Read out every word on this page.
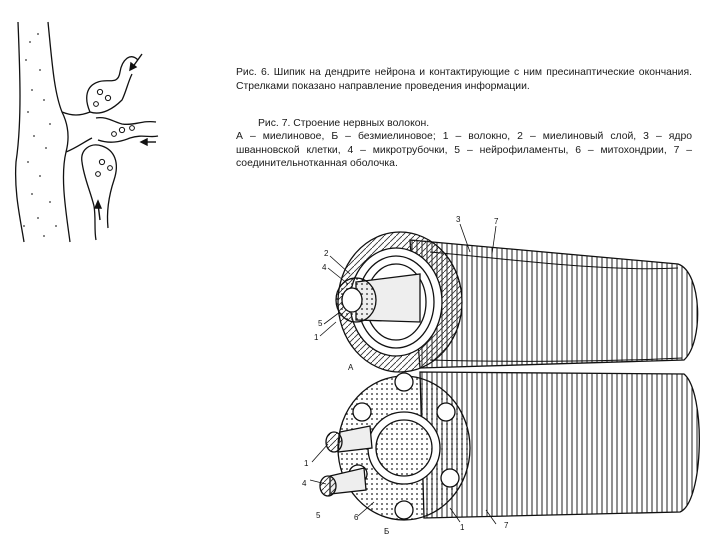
Рис. 6. Шипик на дендрите нейрона и контактирующие с ним пресинаптические окончания. Стрелками показано направление проведения информации.
Рис. 7. Строение нервных волокон.
А – миелиновое, Б – безмиелиновое; 1 – волокно, 2 – миелиновый слой, 3 – ядро шванновской клетки, 4 – микротрубочки, 5 – нейрофиламенты, 6 – митохондрии, 7 – соединительнотканная оболочка.
3	7
2
4
5
1
А
1
4
5	6
1	7
Б
